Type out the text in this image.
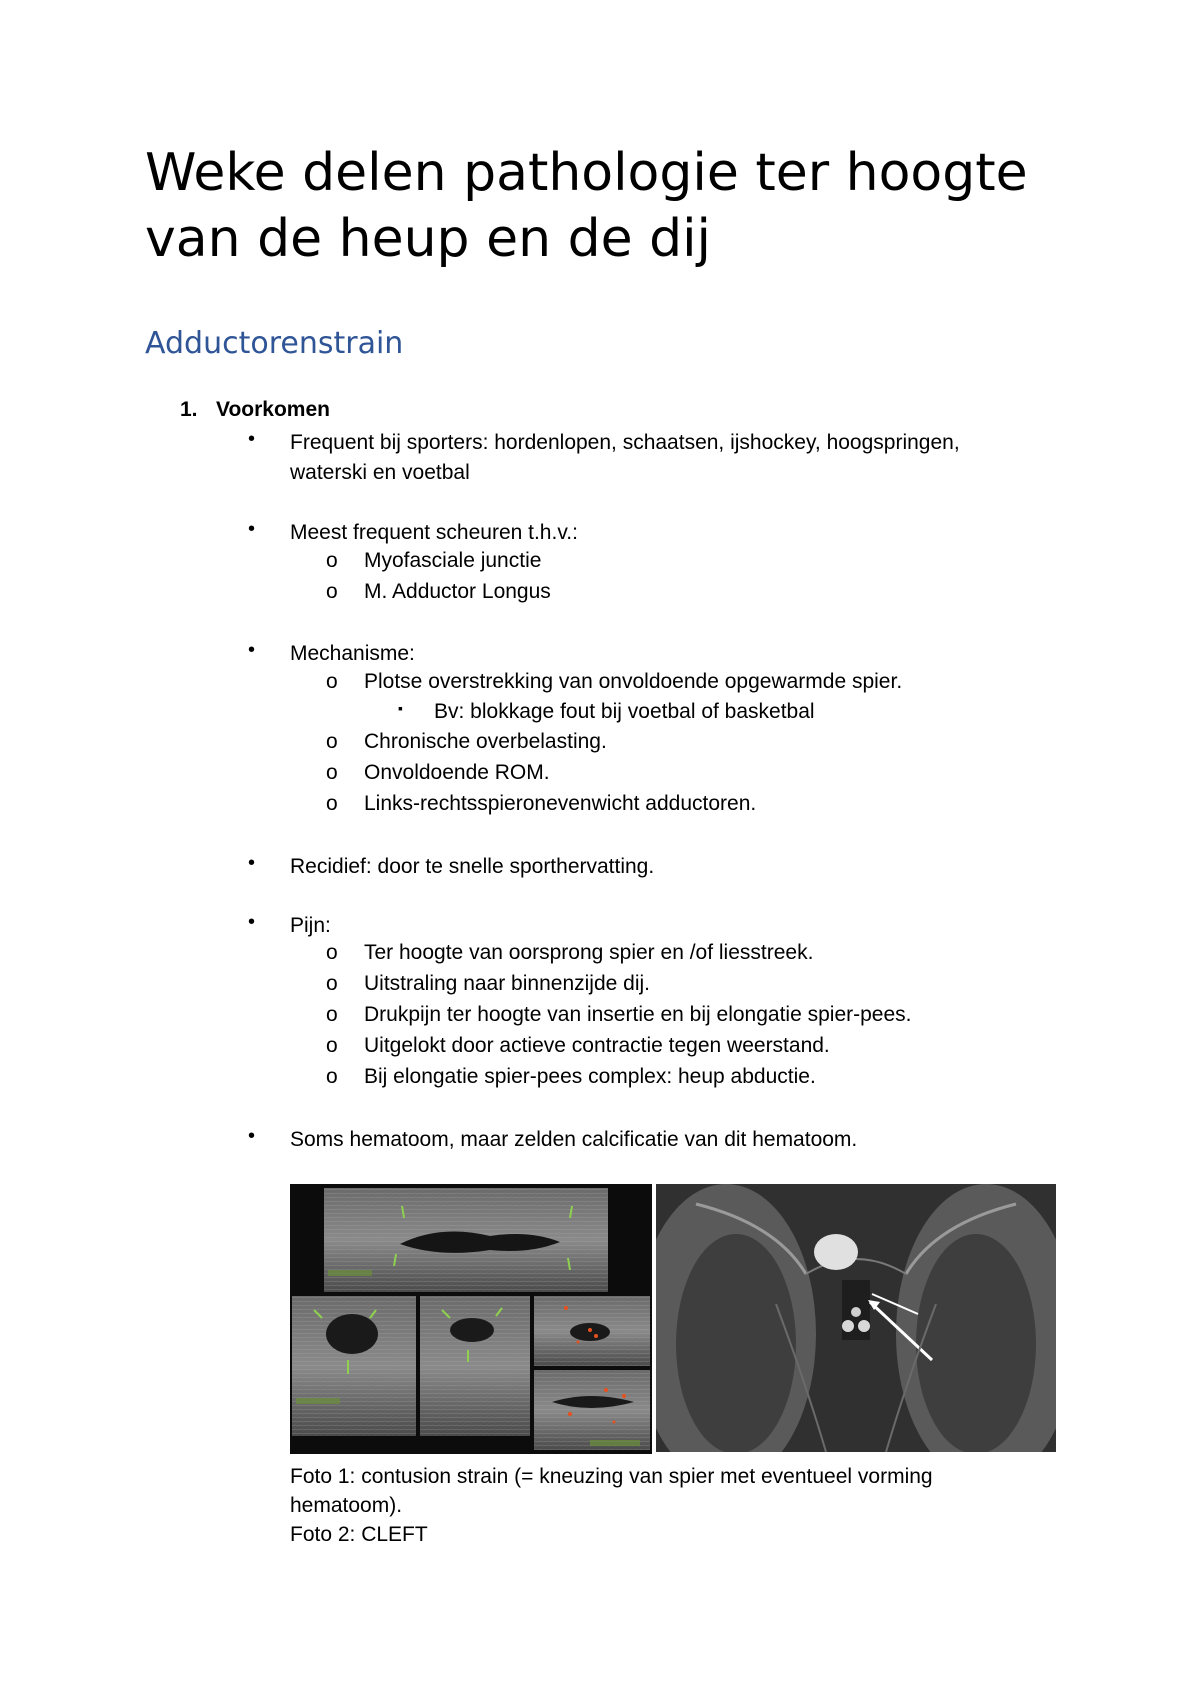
Weke delen pathologie ter hoogte van de heup en de dij
Adductorenstrain
1. Voorkomen
• Frequent bij sporters: hordenlopen, schaatsen, ijshockey, hoogspringen, waterski en voetbal
• Meest frequent scheuren t.h.v.:
o Myofasciale junctie
o M. Adductor Longus
• Mechanisme:
o Plotse overstrekking van onvoldoende opgewarmde spier.
▪ Bv: blokkage fout bij voetbal of basketbal
o Chronische overbelasting.
o Onvoldoende ROM.
o Links-rechtsspieronevenwicht adductoren.
• Recidief: door te snelle sporthervatting.
• Pijn:
o Ter hoogte van oorsprong spier en /of liesstreek.
o Uitstraling naar binnenzijde dij.
o Drukpijn ter hoogte van insertie en bij elongatie spier-pees.
o Uitgelokt door actieve contractie tegen weerstand.
o Bij elongatie spier-pees complex: heup abductie.
• Soms hematoom, maar zelden calcificatie van dit hematoom.
Foto 1: contusion strain (= kneuzing van spier met eventueel vorming hematoom).
Foto 2: CLEFT
